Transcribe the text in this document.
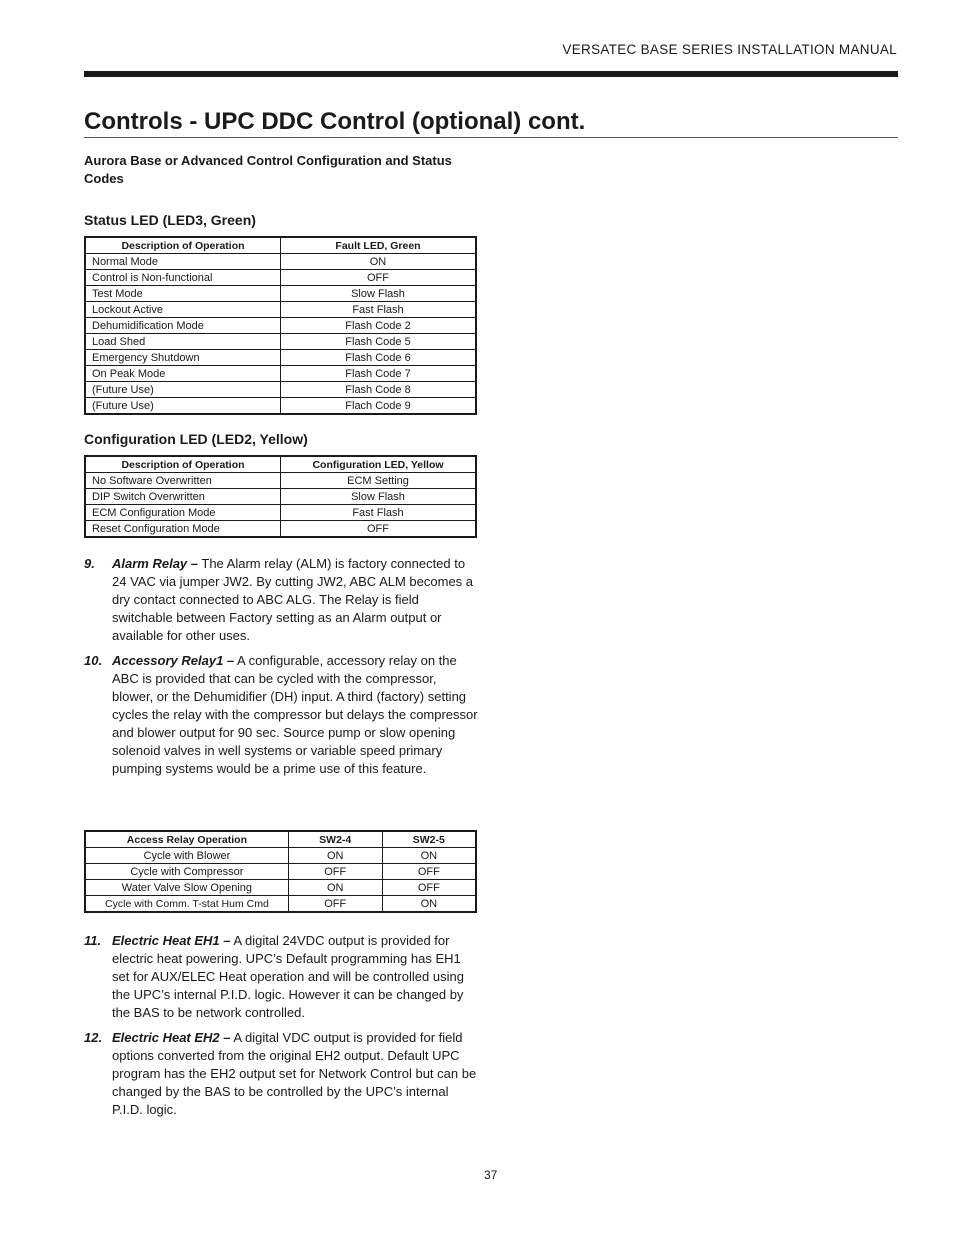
VERSATEC BASE SERIES INSTALLATION MANUAL
Controls - UPC DDC Control (optional) cont.
Aurora Base or Advanced Control Configuration and Status Codes
Status LED (LED3, Green)
Description of Operation	Fault LED, Green
Normal Mode	ON
Control is Non-functional	OFF
Test Mode	Slow Flash
Lockout Active	Fast Flash
Dehumidification Mode	Flash Code 2
Load Shed	Flash Code 5
Emergency Shutdown	Flash Code 6
On Peak Mode	Flash Code 7
(Future Use)	Flash Code 8
(Future Use)	Flach Code 9
Configuration LED (LED2, Yellow)
Description of Operation	Configuration LED, Yellow
No Software Overwritten	ECM Setting
DIP Switch Overwritten	Slow Flash
ECM Configuration Mode	Fast Flash
Reset Configuration Mode	OFF
9. Alarm Relay – The Alarm relay (ALM) is factory connected to 24 VAC via jumper JW2. By cutting JW2, ABC ALM becomes a dry contact connected to ABC ALG. The Relay is field switchable between Factory setting as an Alarm output or available for other uses.
10. Accessory Relay1 – A configurable, accessory relay on the ABC is provided that can be cycled with the compressor, blower, or the Dehumidifier (DH) input. A third (factory) setting cycles the relay with the compressor but delays the compressor and blower output for 90 sec. Source pump or slow opening solenoid valves in well systems or variable speed primary pumping systems would be a prime use of this feature.
Access Relay Operation	SW2-4	SW2-5
Cycle with Blower	ON	ON
Cycle with Compressor	OFF	OFF
Water Valve Slow Opening	ON	OFF
Cycle with Comm. T-stat Hum Cmd	OFF	ON
11. Electric Heat EH1 – A digital 24VDC output is provided for electric heat powering. UPC’s Default programming has EH1 set for AUX/ELEC Heat operation and will be controlled using the UPC’s internal P.I.D. logic. However it can be changed by the BAS to be network controlled.
12. Electric Heat EH2 – A digital VDC output is provided for field options converted from the original EH2 output. Default UPC program has the EH2 output set for Network Control but can be changed by the BAS to be controlled by the UPC’s internal P.I.D. logic.
37
